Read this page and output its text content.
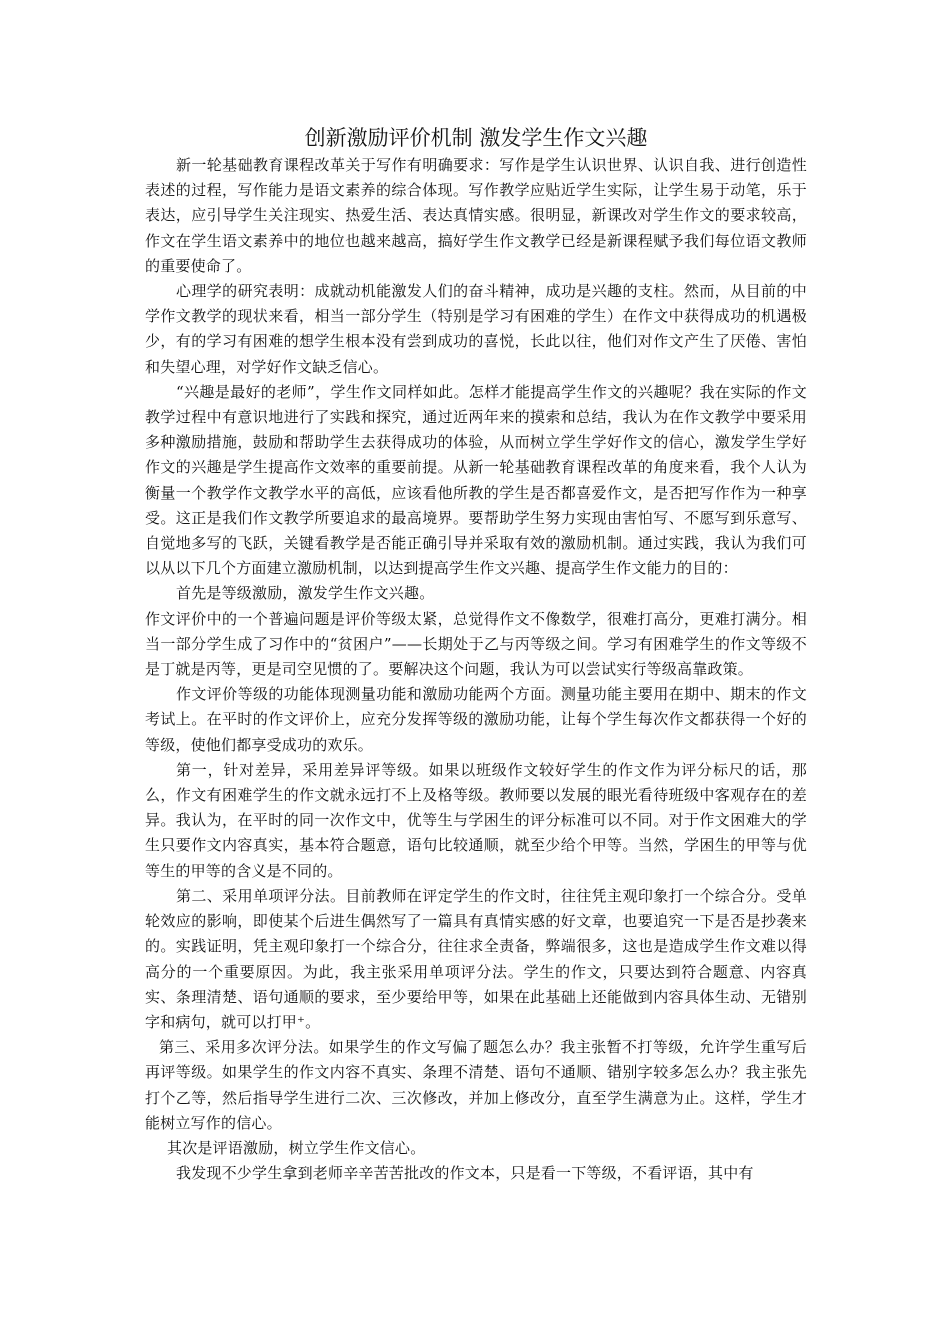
创新激励评价机制 激发学生作文兴趣

新一轮基础教育课程改革关于写作有明确要求：写作是学生认识世界、认识自我、进行创造性表述的过程，写作能力是语文素养的综合体现。写作教学应贴近学生实际，让学生易于动笔，乐于表达，应引导学生关注现实、热爱生活、表达真情实感。很明显，新课改对学生作文的要求较高，作文在学生语文素养中的地位也越来越高，搞好学生作文教学已经是新课程赋予我们每位语文教师的重要使命了。

心理学的研究表明：成就动机能激发人们的奋斗精神，成功是兴趣的支柱。然而，从目前的中学作文教学的现状来看，相当一部分学生（特别是学习有困难的学生）在作文中获得成功的机遇极少，有的学习有困难的想学生根本没有尝到成功的喜悦，长此以往，他们对作文产生了厌倦、害怕和失望心理，对学好作文缺乏信心。

“兴趣是最好的老师”，学生作文同样如此。怎样才能提高学生作文的兴趣呢？我在实际的作文教学过程中有意识地进行了实践和探究，通过近两年来的摸索和总结，我认为在作文教学中要采用多种激励措施，鼓励和帮助学生去获得成功的体验，从而树立学生学好作文的信心，激发学生学好作文的兴趣是学生提高作文效率的重要前提。从新一轮基础教育课程改革的角度来看，我个人认为衡量一个教学作文教学水平的高低，应该看他所教的学生是否都喜爱作文，是否把写作作为一种享受。这正是我们作文教学所要追求的最高境界。要帮助学生努力实现由害怕写、不愿写到乐意写、自觉地多写的飞跃，关键看教学是否能正确引导并采取有效的激励机制。通过实践，我认为我们可以从以下几个方面建立激励机制，以达到提高学生作文兴趣、提高学生作文能力的目的：

首先是等级激励，激发学生作文兴趣。

作文评价中的一个普遍问题是评价等级太紧，总觉得作文不像数学，很难打高分，更难打满分。相当一部分学生成了习作中的“贫困户”——长期处于乙与丙等级之间。学习有困难学生的作文等级不是丁就是丙等，更是司空见惯的了。要解决这个问题，我认为可以尝试实行等级高靠政策。

作文评价等级的功能体现测量功能和激励功能两个方面。测量功能主要用在期中、期末的作文考试上。在平时的作文评价上，应充分发挥等级的激励功能，让每个学生每次作文都获得一个好的等级，使他们都享受成功的欢乐。

第一，针对差异，采用差异评等级。如果以班级作文较好学生的作文作为评分标尺的话，那么，作文有困难学生的作文就永远打不上及格等级。教师要以发展的眼光看待班级中客观存在的差异。我认为，在平时的同一次作文中，优等生与学困生的评分标准可以不同。对于作文困难大的学生只要作文内容真实，基本符合题意，语句比较通顺，就至少给个甲等。当然，学困生的甲等与优等生的甲等的含义是不同的。

第二、采用单项评分法。目前教师在评定学生的作文时，往往凭主观印象打一个综合分。受单轮效应的影响，即使某个后进生偶然写了一篇具有真情实感的好文章，也要追究一下是否是抄袭来的。实践证明，凭主观印象打一个综合分，往往求全责备，弊端很多，这也是造成学生作文难以得高分的一个重要原因。为此，我主张采用单项评分法。学生的作文，只要达到符合题意、内容真实、条理清楚、语句通顺的要求，至少要给甲等，如果在此基础上还能做到内容具体生动、无错别字和病句，就可以打甲⁺。

第三、采用多次评分法。如果学生的作文写偏了题怎么办？我主张暂不打等级，允许学生重写后再评等级。如果学生的作文内容不真实、条理不清楚、语句不通顺、错别字较多怎么办？我主张先打个乙等，然后指导学生进行二次、三次修改，并加上修改分，直至学生满意为止。这样，学生才能树立写作的信心。

其次是评语激励，树立学生作文信心。

我发现不少学生拿到老师辛辛苦苦批改的作文本，只是看一下等级，不看评语，其中有
